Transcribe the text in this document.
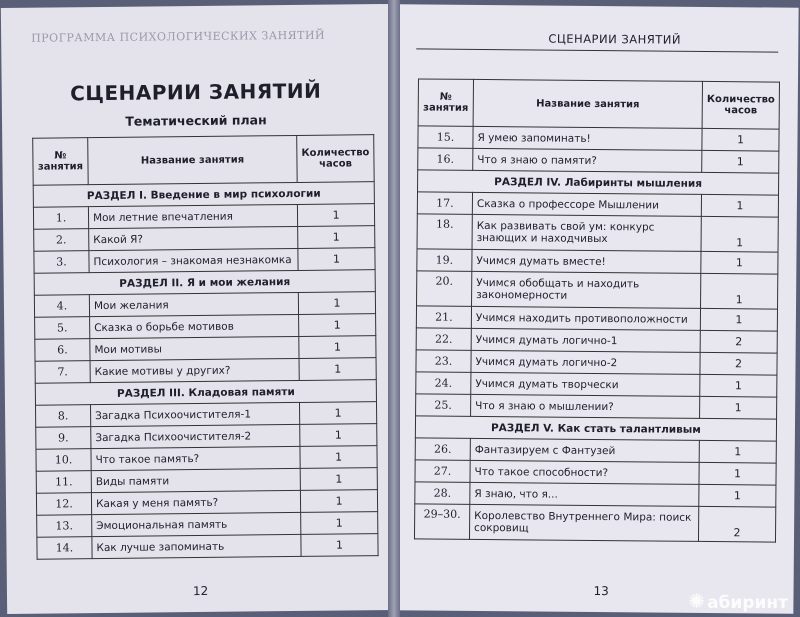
ПРОГРАММА ПСИХОЛОГИЧЕСКИХ ЗАНЯТИЙ
СЦЕНАРИИ ЗАНЯТИЙ
Тематический план
№ занятия	Название занятия	Количество часов
РАЗДЕЛ I. Введение в мир психологии		
1.	Мои летние впечатления	1
2.	Какой Я?	1
3.	Психология – знакомая незнакомка	1
РАЗДЕЛ II. Я и мои желания		
4.	Мои желания	1
5.	Сказка о борьбе мотивов	1
6.	Мои мотивы	1
7.	Какие мотивы у других?	1
РАЗДЕЛ III. Кладовая памяти		
8.	Загадка Психоочистителя-1	1
9.	Загадка Психоочистителя-2	1
10.	Что такое память?	1
11.	Виды памяти	1
12.	Какая у меня память?	1
13.	Эмоциональная память	1
14.	Как лучше запоминать	1
12
СЦЕНАРИИ ЗАНЯТИЙ
№ занятия	Название занятия	Количество часов
15.	Я умею запоминать!	1
16.	Что я знаю о памяти?	1
РАЗДЕЛ IV. Лабиринты мышления		
17.	Сказка о профессоре Мышлении	1
18.	Как развивать свой ум: конкурс знающих и находчивых	1
19.	Учимся думать вместе!	1
20.	Учимся обобщать и находить закономерности	1
21.	Учимся находить противоположности	1
22.	Учимся думать логично-1	2
23.	Учимся думать логично-2	2
24.	Учимся думать творчески	1
25.	Что я знаю о мышлении?	1
РАЗДЕЛ V. Как стать талантливым		
26.	Фантазируем с Фантузей	1
27.	Что такое способности?	1
28.	Я знаю, что я...	1
29–30.	Королевство Внутреннего Мира: поиск сокровищ	2
13	✺ абиринт
